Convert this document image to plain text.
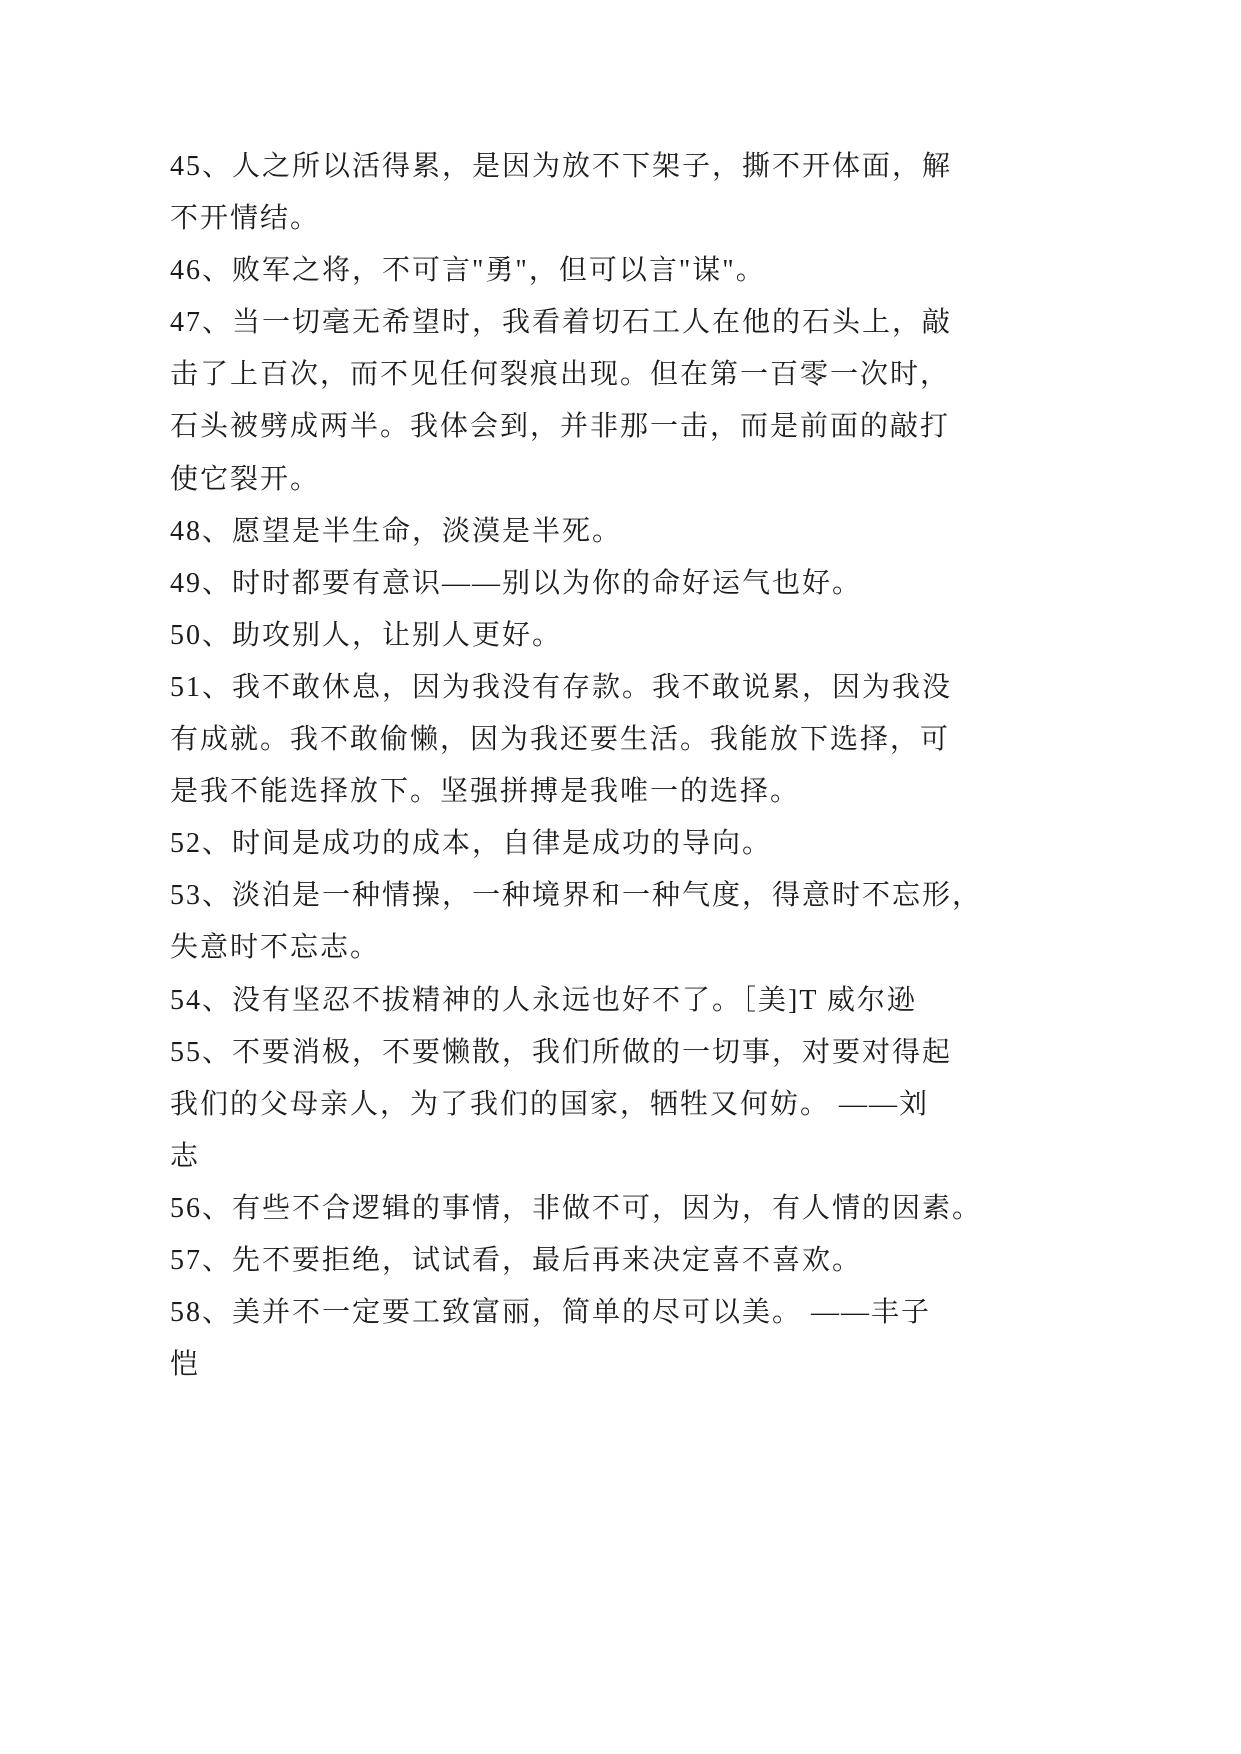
45、人之所以活得累，是因为放不下架子，撕不开体面，解
不开情结。
46、败军之将，不可言"勇"，但可以言"谋"。
47、当一切毫无希望时，我看着切石工人在他的石头上，敲
击了上百次，而不见任何裂痕出现。但在第一百零一次时，
石头被劈成两半。我体会到，并非那一击，而是前面的敲打
使它裂开。
48、愿望是半生命，淡漠是半死。
49、时时都要有意识——别以为你的命好运气也好。
50、助攻别人，让别人更好。
51、我不敢休息，因为我没有存款。我不敢说累，因为我没
有成就。我不敢偷懒，因为我还要生活。我能放下选择，可
是我不能选择放下。坚强拼搏是我唯一的选择。
52、时间是成功的成本，自律是成功的导向。
53、淡泊是一种情操，一种境界和一种气度，得意时不忘形，
失意时不忘志。
54、没有坚忍不拔精神的人永远也好不了。［美]T 威尔逊
55、不要消极，不要懒散，我们所做的一切事，对要对得起
我们的父母亲人，为了我们的国家，牺牲又何妨。 ——刘
志
56、有些不合逻辑的事情，非做不可，因为，有人情的因素。
57、先不要拒绝，试试看，最后再来决定喜不喜欢。
58、美并不一定要工致富丽，简单的尽可以美。 ——丰子
恺
